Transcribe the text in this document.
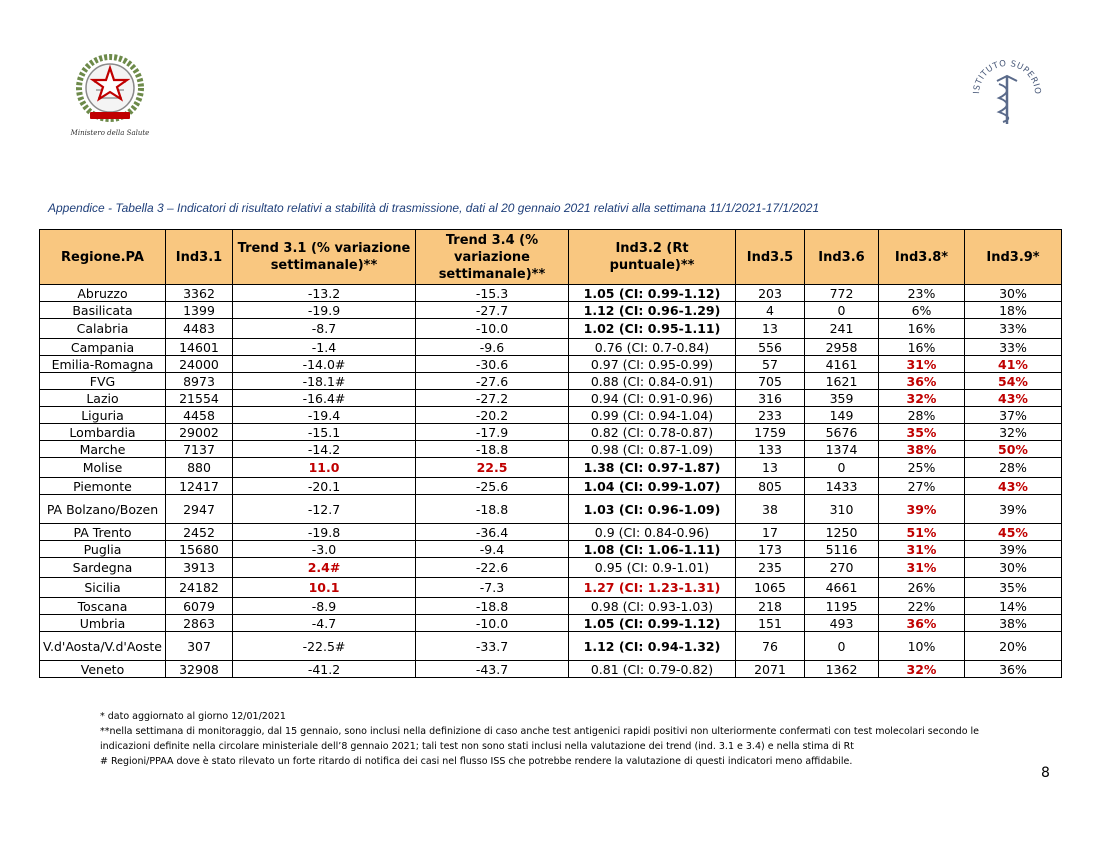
Ministero della Salute
ISTITUTO SUPERIO
Appendice - Tabella 3 – Indicatori di risultato relativi a stabilità di trasmissione, dati al 20 gennaio 2021 relativi alla settimana 11/1/2021-17/1/2021
Regione.PA	Ind3.1	Trend 3.1 (% variazione settimanale)**	Trend 3.4 (% variazione settimanale)**	Ind3.2 (Rt puntuale)**	Ind3.5	Ind3.6	Ind3.8*	Ind3.9*
Abruzzo	3362	-13.2	-15.3	1.05 (CI: 0.99-1.12)	203	772	23%	30%
Basilicata	1399	-19.9	-27.7	1.12 (CI: 0.96-1.29)	4	0	6%	18%
Calabria	4483	-8.7	-10.0	1.02 (CI: 0.95-1.11)	13	241	16%	33%
Campania	14601	-1.4	-9.6	0.76 (CI: 0.7-0.84)	556	2958	16%	33%
Emilia-Romagna	24000	-14.0#	-30.6	0.97 (CI: 0.95-0.99)	57	4161	31%	41%
FVG	8973	-18.1#	-27.6	0.88 (CI: 0.84-0.91)	705	1621	36%	54%
Lazio	21554	-16.4#	-27.2	0.94 (CI: 0.91-0.96)	316	359	32%	43%
Liguria	4458	-19.4	-20.2	0.99 (CI: 0.94-1.04)	233	149	28%	37%
Lombardia	29002	-15.1	-17.9	0.82 (CI: 0.78-0.87)	1759	5676	35%	32%
Marche	7137	-14.2	-18.8	0.98 (CI: 0.87-1.09)	133	1374	38%	50%
Molise	880	11.0	22.5	1.38 (CI: 0.97-1.87)	13	0	25%	28%
Piemonte	12417	-20.1	-25.6	1.04 (CI: 0.99-1.07)	805	1433	27%	43%
PA Bolzano/Bozen	2947	-12.7	-18.8	1.03 (CI: 0.96-1.09)	38	310	39%	39%
PA Trento	2452	-19.8	-36.4	0.9 (CI: 0.84-0.96)	17	1250	51%	45%
Puglia	15680	-3.0	-9.4	1.08 (CI: 1.06-1.11)	173	5116	31%	39%
Sardegna	3913	2.4#	-22.6	0.95 (CI: 0.9-1.01)	235	270	31%	30%
Sicilia	24182	10.1	-7.3	1.27 (CI: 1.23-1.31)	1065	4661	26%	35%
Toscana	6079	-8.9	-18.8	0.98 (CI: 0.93-1.03)	218	1195	22%	14%
Umbria	2863	-4.7	-10.0	1.05 (CI: 0.99-1.12)	151	493	36%	38%
V.d'Aosta/V.d'Aoste	307	-22.5#	-33.7	1.12 (CI: 0.94-1.32)	76	0	10%	20%
Veneto	32908	-41.2	-43.7	0.81 (CI: 0.79-0.82)	2071	1362	32%	36%
* dato aggiornato al giorno 12/01/2021
**nella settimana di monitoraggio, dal 15 gennaio, sono inclusi nella definizione di caso anche test antigenici rapidi positivi non ulteriormente confermati con test molecolari secondo le indicazioni definite nella circolare ministeriale dell’8 gennaio 2021; tali test non sono stati inclusi nella valutazione dei trend (ind. 3.1 e 3.4) e nella stima di Rt
# Regioni/PPAA dove è stato rilevato un forte ritardo di notifica dei casi nel flusso ISS che potrebbe rendere la valutazione di questi indicatori meno affidabile.
8
